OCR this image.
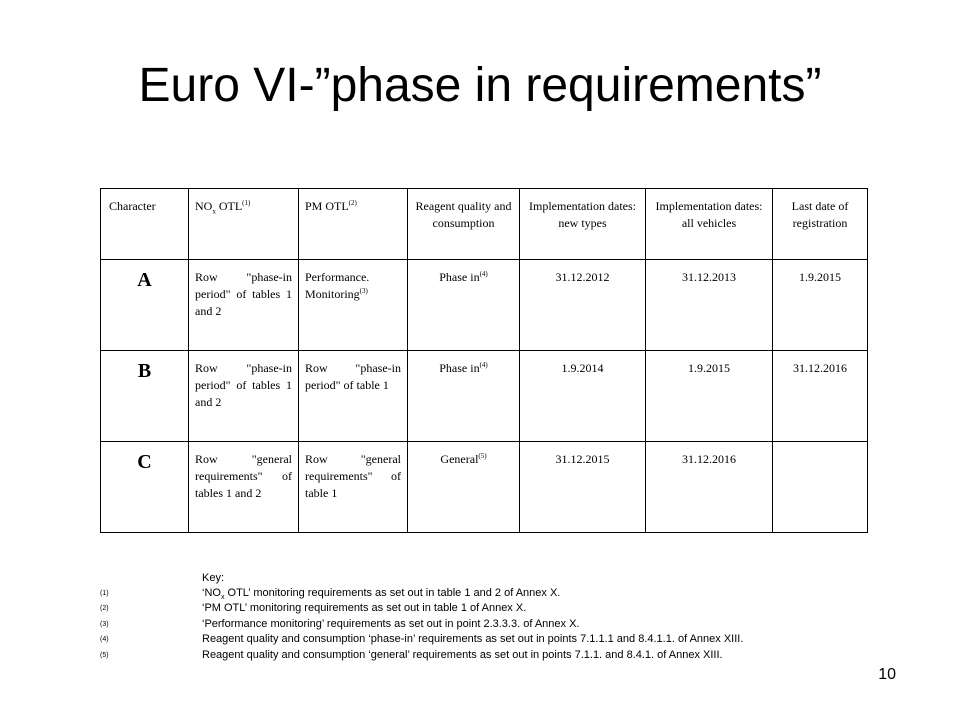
Euro VI-”phase in requirements”
Character	$NO_x$ OTL$^{(1)}$	PM OTL$^{(2)}$	Reagent quality and consumption	Implementation dates: new types	Implementation dates: all vehicles	Last date of registration
A	Row "phase-in period" of tables 1 and 2	Performance. Monitoring$^{(3)}$	Phase $in^{(4)}$	31.12.2012	31.12.2013	1.9.2015
B	Row "phase-in period" of tables 1 and 2	Row "phase-in period" of table 1	Phase $in^{(4)}$	1.9.2014	1.9.2015	31.12.2016
C	Row "general requirements" of tables 1 and 2	Row "general requirements" of table 1	General$^{(5)}$	31.12.2015	31.12.2016	
Key:
(1)	‘$NO_x$ OTL’ monitoring requirements as set out in table 1 and 2 of Annex X.
(2)	‘PM OTL’ monitoring requirements as set out in table 1 of Annex X.
(3)	‘Performance monitoring’ requirements as set out in point 2.3.3.3. of Annex X.
(4)	Reagent quality and consumption ‘phase-in’ requirements as set out in points 7.1.1.1 and 8.4.1.1. of Annex XIII.
(5)	Reagent quality and consumption ‘general’ requirements as set out in points 7.1.1. and 8.4.1. of Annex XIII.
10
